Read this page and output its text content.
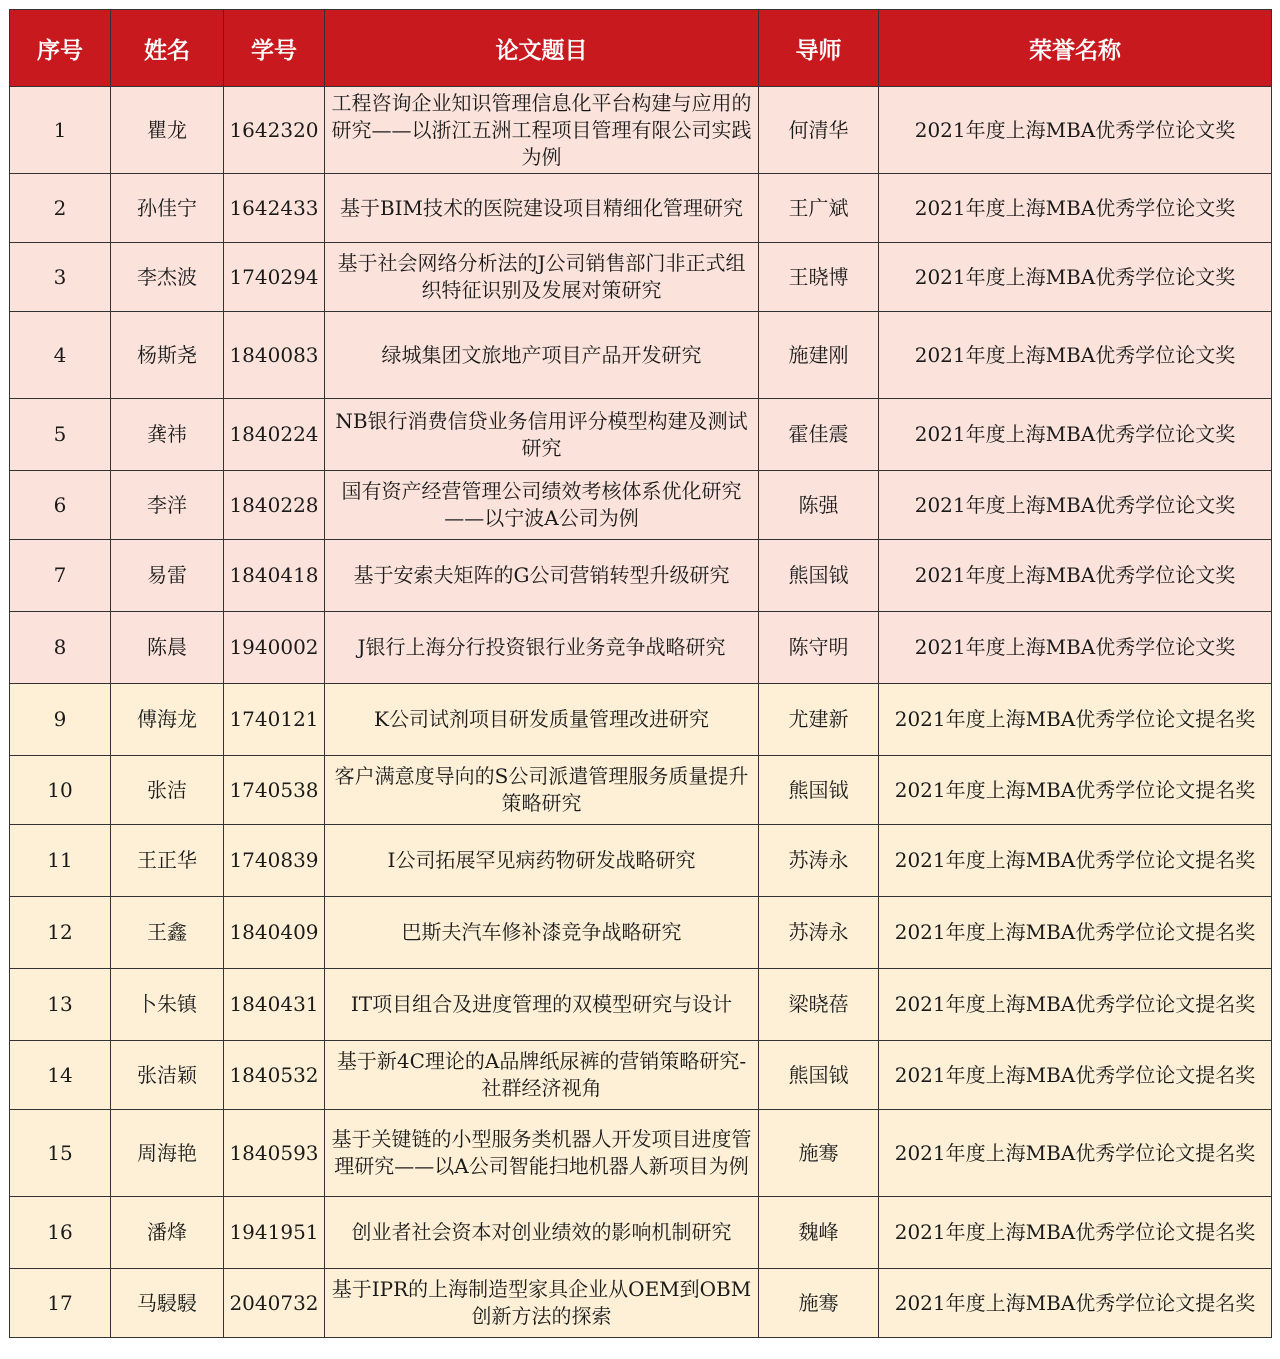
序号	姓名	学号	论文题目	导师	荣誉名称
1	瞿龙	1642320	工程咨询企业知识管理信息化平台构建与应用的研究——以浙江五洲工程项目管理有限公司实践为例	何清华	2021年度上海MBA优秀学位论文奖
2	孙佳宁	1642433	基于BIM技术的医院建设项目精细化管理研究	王广斌	2021年度上海MBA优秀学位论文奖
3	李杰波	1740294	基于社会网络分析法的J公司销售部门非正式组织特征识别及发展对策研究	王晓博	2021年度上海MBA优秀学位论文奖
4	杨斯尧	1840083	绿城集团文旅地产项目产品开发研究	施建刚	2021年度上海MBA优秀学位论文奖
5	龚祎	1840224	NB银行消费信贷业务信用评分模型构建及测试研究	霍佳震	2021年度上海MBA优秀学位论文奖
6	李洋	1840228	国有资产经营管理公司绩效考核体系优化研究——以宁波A公司为例	陈强	2021年度上海MBA优秀学位论文奖
7	易雷	1840418	基于安索夫矩阵的G公司营销转型升级研究	熊国钺	2021年度上海MBA优秀学位论文奖
8	陈晨	1940002	J银行上海分行投资银行业务竞争战略研究	陈守明	2021年度上海MBA优秀学位论文奖
9	傅海龙	1740121	K公司试剂项目研发质量管理改进研究	尤建新	2021年度上海MBA优秀学位论文提名奖
10	张洁	1740538	客户满意度导向的S公司派遣管理服务质量提升策略研究	熊国钺	2021年度上海MBA优秀学位论文提名奖
11	王正华	1740839	I公司拓展罕见病药物研发战略研究	苏涛永	2021年度上海MBA优秀学位论文提名奖
12	王鑫	1840409	巴斯夫汽车修补漆竞争战略研究	苏涛永	2021年度上海MBA优秀学位论文提名奖
13	卜朱镇	1840431	IT项目组合及进度管理的双模型研究与设计	梁晓蓓	2021年度上海MBA优秀学位论文提名奖
14	张洁颖	1840532	基于新4C理论的A品牌纸尿裤的营销策略研究-社群经济视角	熊国钺	2021年度上海MBA优秀学位论文提名奖
15	周海艳	1840593	基于关键链的小型服务类机器人开发项目进度管理研究——以A公司智能扫地机器人新项目为例	施骞	2021年度上海MBA优秀学位论文提名奖
16	潘烽	1941951	创业者社会资本对创业绩效的影响机制研究	魏峰	2021年度上海MBA优秀学位论文提名奖
17	马駸駸	2040732	基于IPR的上海制造型家具企业从OEM到OBM创新方法的探索	施骞	2021年度上海MBA优秀学位论文提名奖
